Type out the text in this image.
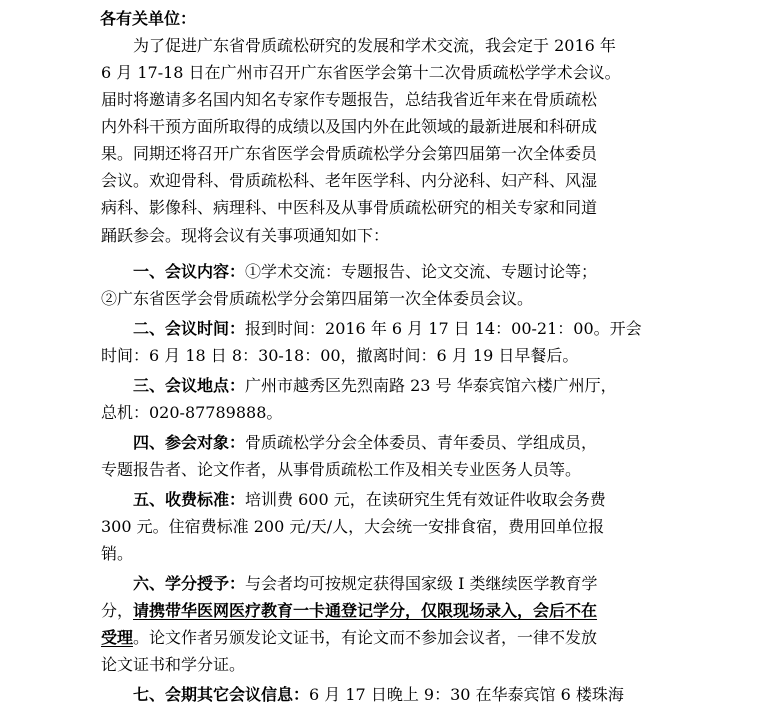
各有关单位：
为了促进广东省骨质疏松研究的发展和学术交流，我会定于 2016 年
6 月 17-18 日在广州市召开广东省医学会第十二次骨质疏松学学术会议。
届时将邀请多名国内知名专家作专题报告，总结我省近年来在骨质疏松
内外科干预方面所取得的成绩以及国内外在此领域的最新进展和科研成
果。同期还将召开广东省医学会骨质疏松学分会第四届第一次全体委员
会议。欢迎骨科、骨质疏松科、老年医学科、内分泌科、妇产科、风湿
病科、影像科、病理科、中医科及从事骨质疏松研究的相关专家和同道
踊跃参会。现将会议有关事项通知如下：
一、会议内容：①学术交流：专题报告、论文交流、专题讨论等；
②广东省医学会骨质疏松学分会第四届第一次全体委员会议。
二、会议时间：报到时间：2016 年 6 月 17 日 14：00-21：00。开会
时间：6 月 18 日 8：30-18：00，撤离时间：6 月 19 日早餐后。
三、会议地点：广州市越秀区先烈南路 23 号 华泰宾馆六楼广州厅，
总机：020-87789888。
四、参会对象：骨质疏松学分会全体委员、青年委员、学组成员，
专题报告者、论文作者，从事骨质疏松工作及相关专业医务人员等。
五、收费标准：培训费 600 元，在读研究生凭有效证件收取会务费
300 元。住宿费标准 200 元/天/人，大会统一安排食宿，费用回单位报
销。
六、学分授予：与会者均可按规定获得国家级 I 类继续医学教育学
分，请携带华医网医疗教育一卡通登记学分，仅限现场录入，会后不在
受理。论文作者另颁发论文证书，有论文而不参加会议者，一律不发放
论文证书和学分证。
七、会期其它会议信息：6 月 17 日晚上 9：30 在华泰宾馆 6 楼珠海
